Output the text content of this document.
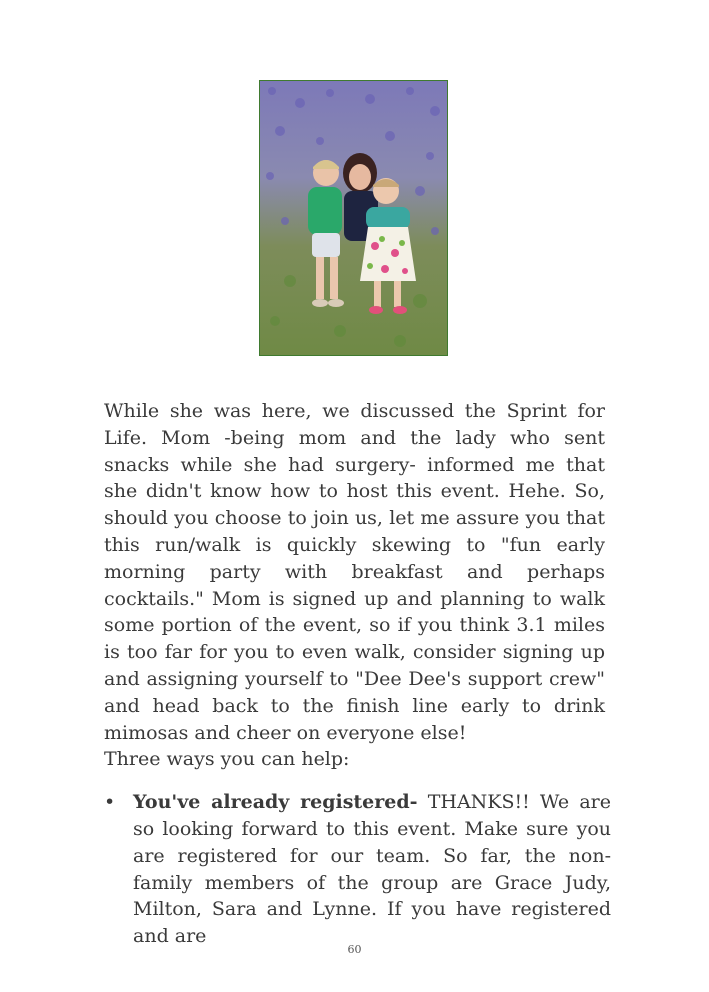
While she was here, we discussed the Sprint for Life. Mom -being mom and the lady who sent snacks while she had surgery- informed me that she didn't know how to host this event. Hehe. So, should you choose to join us, let me assure you that this run/walk is quickly skewing to "fun early morning party with breakfast and perhaps cocktails." Mom is signed up and planning to walk some portion of the event, so if you think 3.1 miles is too far for you to even walk, consider signing up and assigning yourself to "Dee Dee's support crew" and head back to the finish line early to drink mimosas and cheer on everyone else!

Three ways you can help:

• You've already registered- THANKS!! We are so looking forward to this event. Make sure you are registered for our team. So far, the non-family members of the group are Grace Judy, Milton, Sara and Lynne. If you have registered and are
60
